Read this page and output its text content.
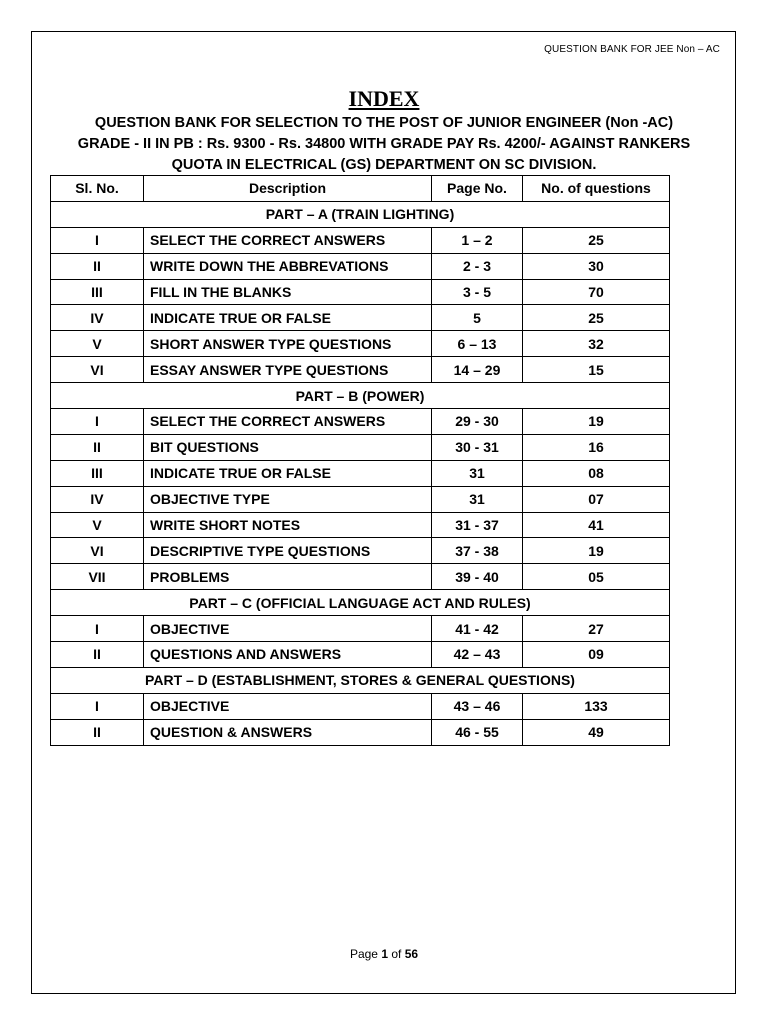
QUESTION BANK FOR JEE Non – AC
INDEX
QUESTION BANK FOR SELECTION TO THE POST OF JUNIOR ENGINEER (Non -AC)
GRADE - II IN PB : Rs. 9300 - Rs. 34800 WITH GRADE PAY Rs. 4200/- AGAINST RANKERS
QUOTA IN ELECTRICAL (GS) DEPARTMENT ON SC DIVISION.
Sl. No.	Description	Page No.	No. of questions
PART – A (TRAIN LIGHTING)			
I	SELECT THE CORRECT ANSWERS	1 – 2	25
II	WRITE DOWN THE ABBREVATIONS	2 - 3	30
III	FILL IN THE BLANKS	3 - 5	70
IV	INDICATE TRUE OR FALSE	5	25
V	SHORT ANSWER TYPE QUESTIONS	6 – 13	32
VI	ESSAY ANSWER TYPE QUESTIONS	14 – 29	15
PART – B (POWER)			
I	SELECT THE CORRECT ANSWERS	29 - 30	19
II	BIT QUESTIONS	30 - 31	16
III	INDICATE TRUE OR FALSE	31	08
IV	OBJECTIVE TYPE	31	07
V	WRITE SHORT NOTES	31 - 37	41
VI	DESCRIPTIVE TYPE QUESTIONS	37 - 38	19
VII	PROBLEMS	39 - 40	05
PART – C (OFFICIAL LANGUAGE ACT AND RULES)			
I	OBJECTIVE	41 - 42	27
II	QUESTIONS AND ANSWERS	42 – 43	09
PART – D (ESTABLISHMENT, STORES & GENERAL QUESTIONS)			
I	OBJECTIVE	43 – 46	133
II	QUESTION & ANSWERS	46 - 55	49
Page 1 of 56
